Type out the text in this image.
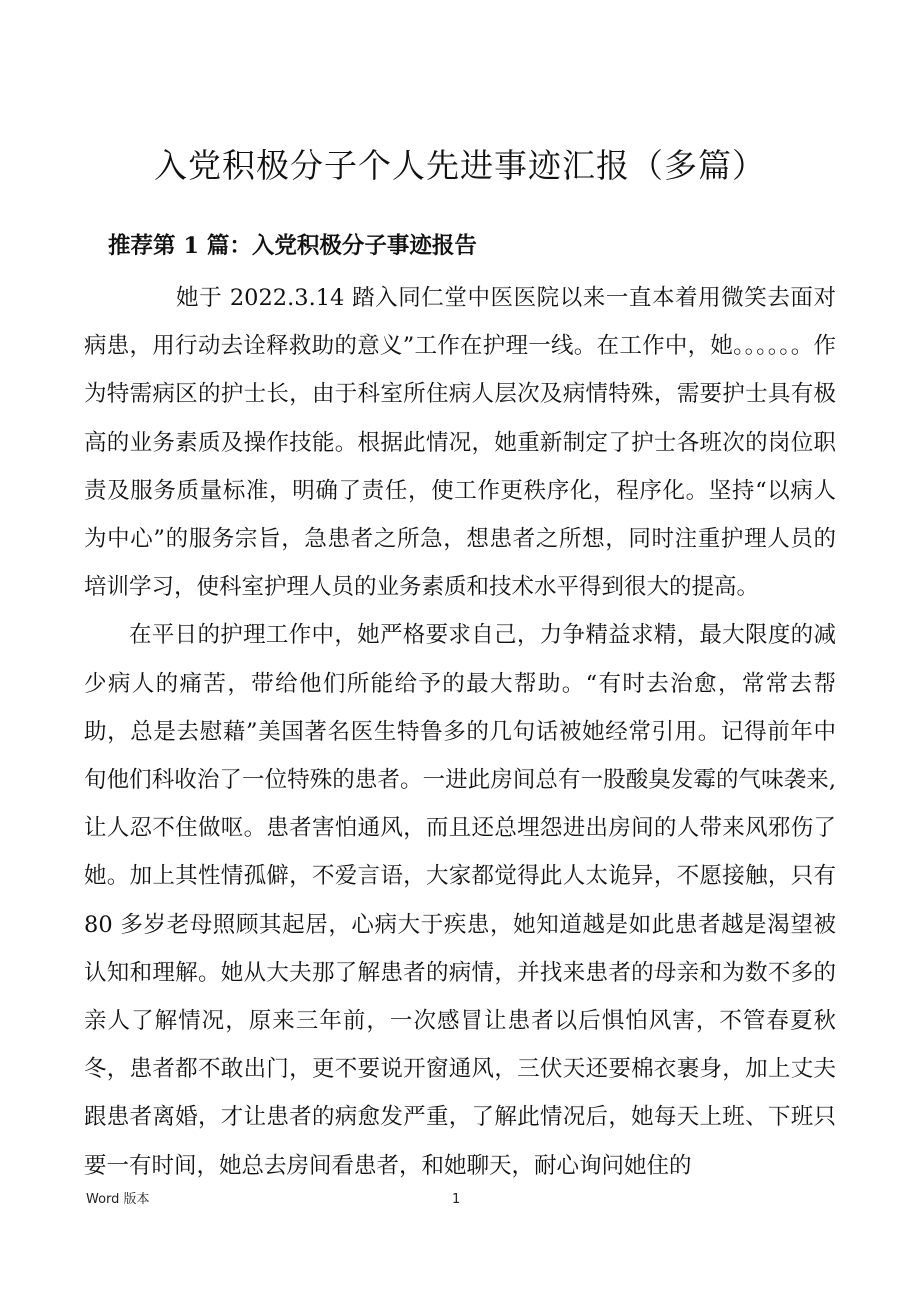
入党积极分子个人先进事迹汇报（多篇）
推荐第 1 篇：入党积极分子事迹报告

她于 2022.3.14 踏入同仁堂中医医院以来一直本着用微笑去面对病患，用行动去诠释救助的意义”工作在护理一线。在工作中，她。。。。。。作为特需病区的护士长，由于科室所住病人层次及病情特殊，需要护士具有极高的业务素质及操作技能。根据此情况，她重新制定了护士各班次的岗位职责及服务质量标准，明确了责任，使工作更秩序化，程序化。坚持“以病人为中心”的服务宗旨，急患者之所急，想患者之所想，同时注重护理人员的培训学习，使科室护理人员的业务素质和技术水平得到很大的提高。

在平日的护理工作中，她严格要求自己，力争精益求精，最大限度的减少病人的痛苦，带给他们所能给予的最大帮助。“有时去治愈，常常去帮助，总是去慰藉”美国著名医生特鲁多的几句话被她经常引用。记得前年中旬他们科收治了一位特殊的患者。一进此房间总有一股酸臭发霉的气味袭来,让人忍不住做呕。患者害怕通风，而且还总埋怨进出房间的人带来风邪伤了她。加上其性情孤僻，不爱言语，大家都觉得此人太诡异，不愿接触，只有 80 多岁老母照顾其起居，心病大于疾患，她知道越是如此患者越是渴望被认知和理解。她从大夫那了解患者的病情，并找来患者的母亲和为数不多的亲人了解情况，原来三年前，一次感冒让患者以后惧怕风害，不管春夏秋冬，患者都不敢出门，更不要说开窗通风，三伏天还要棉衣裹身，加上丈夫跟患者离婚，才让患者的病愈发严重，了解此情况后，她每天上班、下班只要一有时间，她总去房间看患者，和她聊天，耐心询问她住的

Word 版本	1
